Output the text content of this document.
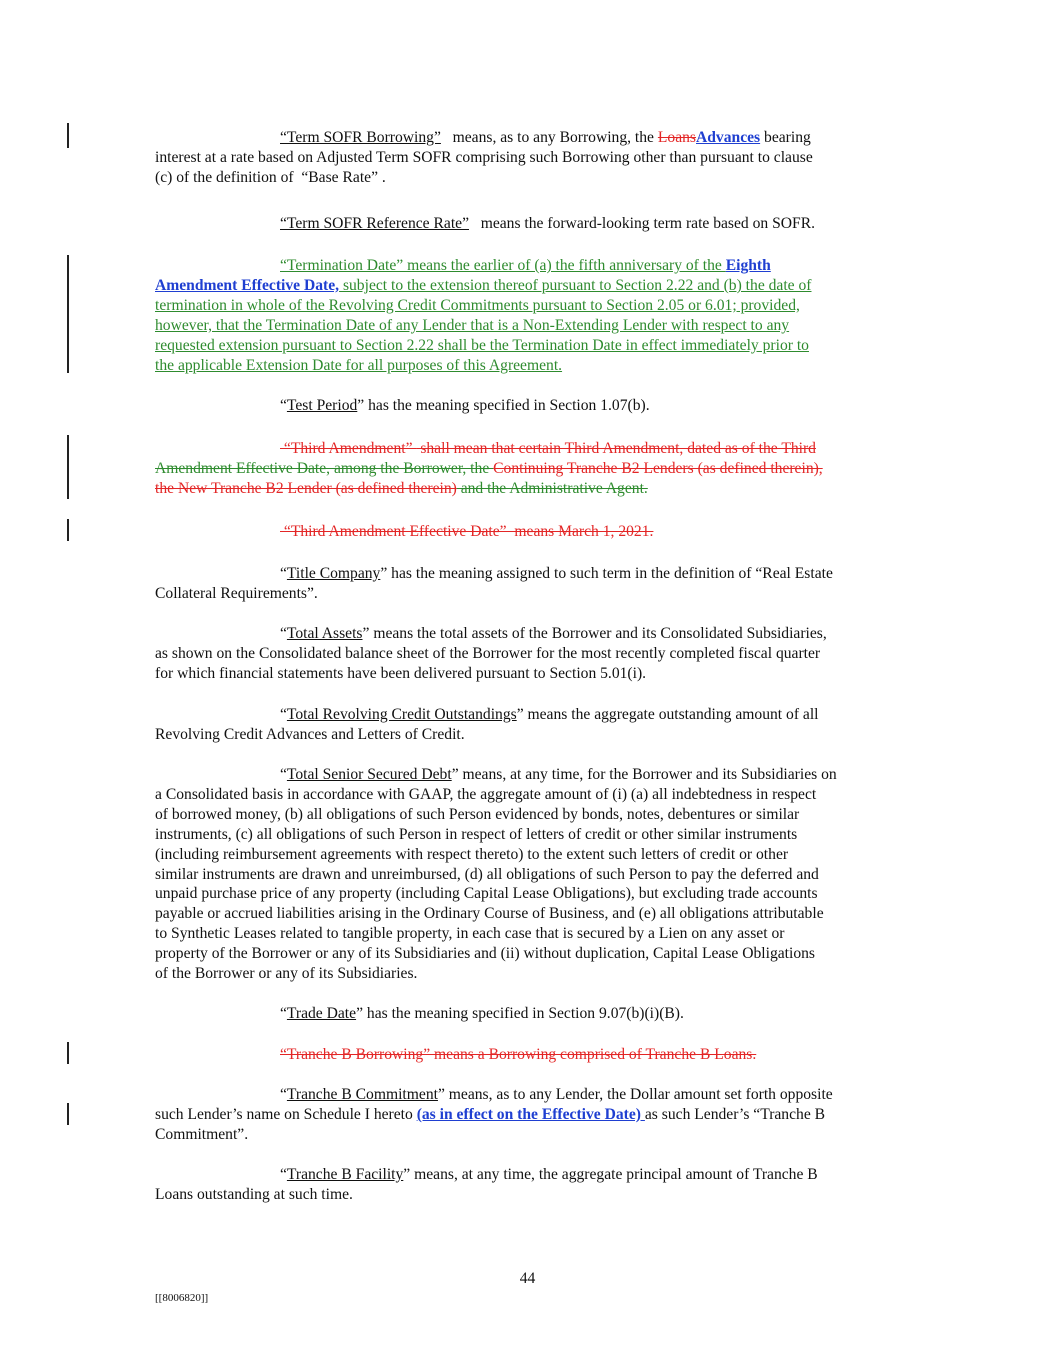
“Term SOFR Borrowing”   means, as to any Borrowing, the LoansAdvances bearing
interest at a rate based on Adjusted Term SOFR comprising such Borrowing other than pursuant to clause
(c) of the definition of  “Base Rate” .
“Term SOFR Reference Rate”   means the forward-looking term rate based on SOFR.
“Termination Date” means the earlier of (a) the fifth anniversary of the Eighth
Amendment Effective Date, subject to the extension thereof pursuant to Section 2.22 and (b) the date of
termination in whole of the Revolving Credit Commitments pursuant to Section 2.05 or 6.01; provided,
however, that the Termination Date of any Lender that is a Non-Extending Lender with respect to any
requested extension pursuant to Section 2.22 shall be the Termination Date in effect immediately prior to
the applicable Extension Date for all purposes of this Agreement.
“Test Period” has the meaning specified in Section 1.07(b).
“Third Amendment”  shall mean that certain Third Amendment, dated as of the Third
Amendment Effective Date, among the Borrower, the Continuing Tranche B2 Lenders (as defined therein),
the New Tranche B2 Lender (as defined therein) and the Administrative Agent.
“Third Amendment Effective Date”  means March 1, 2021.
“Title Company” has the meaning assigned to such term in the definition of “Real Estate
Collateral Requirements”.
“Total Assets” means the total assets of the Borrower and its Consolidated Subsidiaries,
as shown on the Consolidated balance sheet of the Borrower for the most recently completed fiscal quarter
for which financial statements have been delivered pursuant to Section 5.01(i).
“Total Revolving Credit Outstandings” means the aggregate outstanding amount of all
Revolving Credit Advances and Letters of Credit.
“Total Senior Secured Debt” means, at any time, for the Borrower and its Subsidiaries on
a Consolidated basis in accordance with GAAP, the aggregate amount of (i) (a) all indebtedness in respect
of borrowed money, (b) all obligations of such Person evidenced by bonds, notes, debentures or similar
instruments, (c) all obligations of such Person in respect of letters of credit or other similar instruments
(including reimbursement agreements with respect thereto) to the extent such letters of credit or other
similar instruments are drawn and unreimbursed, (d) all obligations of such Person to pay the deferred and
unpaid purchase price of any property (including Capital Lease Obligations), but excluding trade accounts
payable or accrued liabilities arising in the Ordinary Course of Business, and (e) all obligations attributable
to Synthetic Leases related to tangible property, in each case that is secured by a Lien on any asset or
property of the Borrower or any of its Subsidiaries and (ii) without duplication, Capital Lease Obligations
of the Borrower or any of its Subsidiaries.
“Trade Date” has the meaning specified in Section 9.07(b)(i)(B).
“Tranche B Borrowing” means a Borrowing comprised of Tranche B Loans.
“Tranche B Commitment” means, as to any Lender, the Dollar amount set forth opposite
such Lender’s name on Schedule I hereto (as in effect on the Effective Date) as such Lender’s “Tranche B
Commitment”.
“Tranche B Facility” means, at any time, the aggregate principal amount of Tranche B
Loans outstanding at such time.
44
[[8006820]]
